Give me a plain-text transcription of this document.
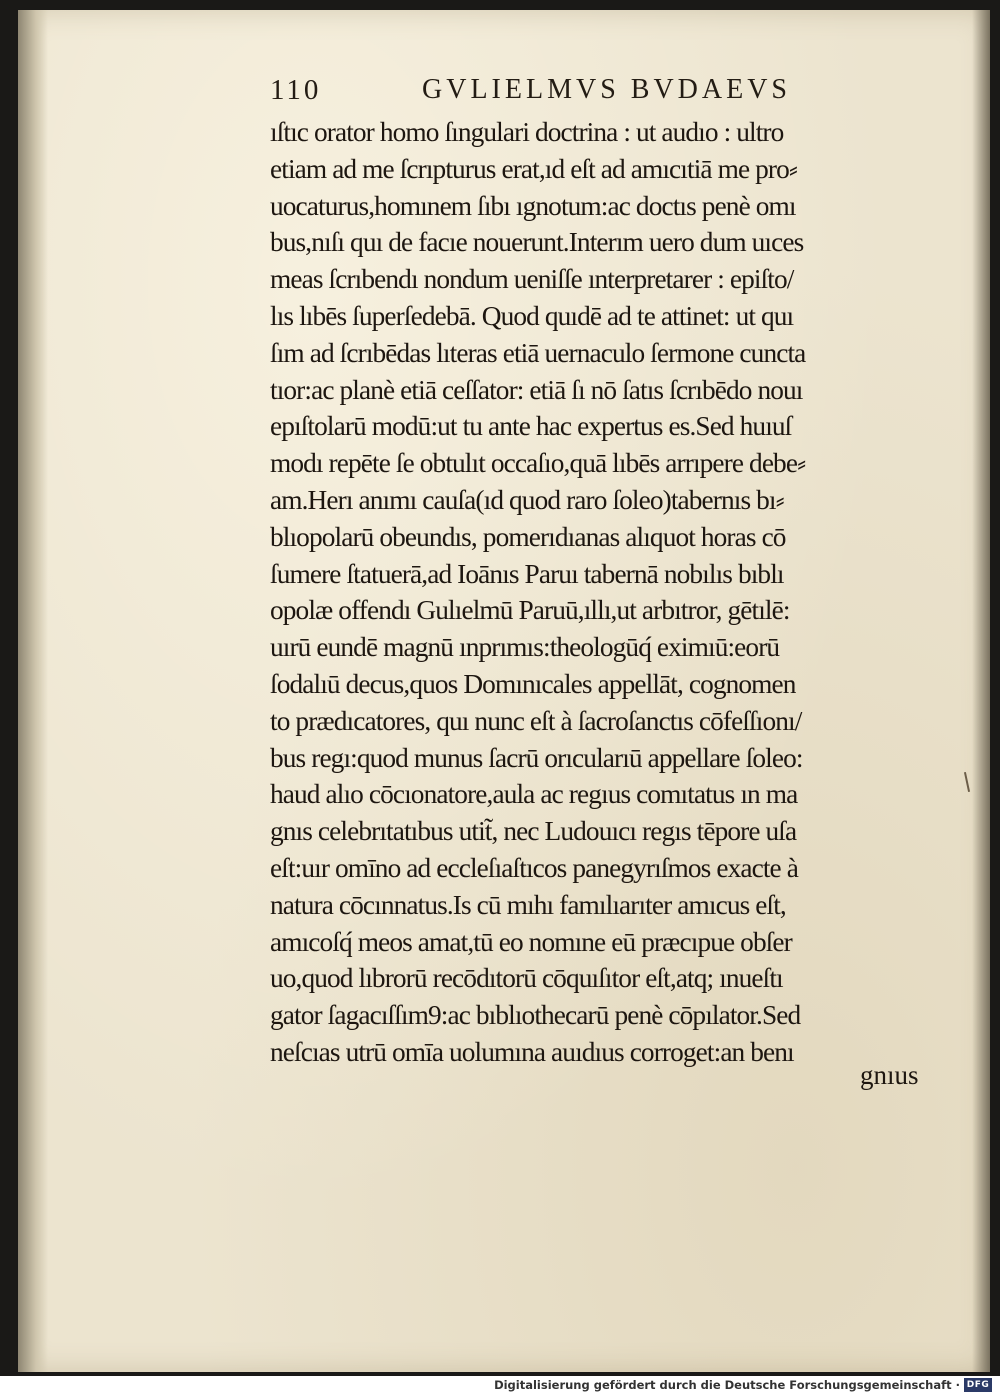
110	GVLIELMVS BVDAEVS
ıſtıc orator homo ſıngulari doctrina : ut audıo : ultro
etiam ad me ſcrıpturus erat,ıd eſt ad amıcıtiā me pro⸗
uocaturus,homınem ſıbı ıgnotum:ac doctıs penè omı
bus,nıſı quı de facıe nouerunt.Interım uero dum uıces
meas ſcrıbendı nondum ueniſſe ınterpretarer : epiſto/
lıs lıbēs ſuperſedebā. Quod quıdē ad te attinet: ut quı
ſım ad ſcrıbēdas lıteras etiā uernaculo ſermone cuncta
tıor:ac planè etiā ceſſator: etiā ſı nō ſatıs ſcrıbēdo nouı
epıſtolarū modū:ut tu ante hac expertus es.Sed huıuſ
modı repēte ſe obtulıt occaſıo,quā lıbēs arrıpere debe⸗
am.Herı anımı cauſa(ıd quod raro ſoleo)tabernıs bı⸗
blıopolarū obeundıs, pomerıdıanas alıquot horas cō
ſumere ſtatuerā,ad Ioānıs Paruı tabernā nobılıs bıblı
opolæ offendı Gulıelmū Paruū,ıllı,ut arbıtror, gētılē:
uırū eundē magnū ınprımıs:theologūq́ eximıū:eorū
ſodalıū decus,quos Domınıcales appellāt, cognomen
to prædıcatores, quı nunc eſt à ſacroſanctıs cōfeſſıonı/
bus regı:quod munus ſacrū orıcularıū appellare ſoleo:
haud alıo cōcıonatore,aula ac regıus comıtatus ın ma
gnıs celebrıtatıbus utit̃, nec Ludouıcı regıs tēpore uſa
eſt:uır omīno ad eccleſıaſtıcos panegyrıſmos exacte à
natura cōcınnatus.Is cū mıhı famılıarıter amıcus eſt,
amıcoſq́ meos amat,tū eo nomıne eū præcıpue obſer
uo,quod lıbrorū recōdıtorū cōquıſıtor eſt,atq; ınueſtı
gator ſagacıſſım9:ac bıblıothecarū penè cōpılator.Sed
neſcıas utrū omīa uolumına auıdıus corroget:an benı
gnıus
Digitalisierung gefördert durch die Deutsche Forschungsgemeinschaft · DFG
